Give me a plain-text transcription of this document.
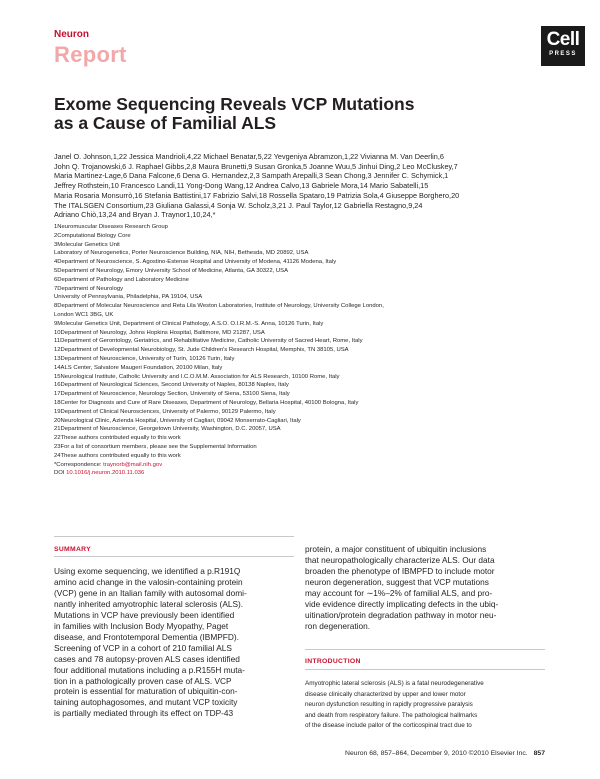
Neuron
Report
Cell
PRESS
Exome Sequencing Reveals VCP Mutations
as a Cause of Familial ALS
Janel O. Johnson,1,22 Jessica Mandrioli,4,22 Michael Benatar,5,22 Yevgeniya Abramzon,1,22 Vivianna M. Van Deerlin,6
John Q. Trojanowski,6 J. Raphael Gibbs,2,8 Maura Brunetti,9 Susan Gronka,5 Joanne Wuu,5 Jinhui Ding,2 Leo McCluskey,7
Maria Martinez-Lage,6 Dana Falcone,6 Dena G. Hernandez,2,3 Sampath Arepalli,3 Sean Chong,3 Jennifer C. Schymick,1
Jeffrey Rothstein,10 Francesco Landi,11 Yong-Dong Wang,12 Andrea Calvo,13 Gabriele Mora,14 Mario Sabatelli,15
Maria Rosaria Monsurrò,16 Stefania Battistini,17 Fabrizio Salvi,18 Rossella Spataro,19 Patrizia Sola,4 Giuseppe Borghero,20
The ITALSGEN Consortium,23 Giuliana Galassi,4 Sonja W. Scholz,3,21 J. Paul Taylor,12 Gabriella Restagno,9,24
Adriano Chiò,13,24 and Bryan J. Traynor1,10,24,*
1Neuromuscular Diseases Research Group
2Computational Biology Core
3Molecular Genetics Unit
Laboratory of Neurogenetics, Porter Neuroscience Building, NIA, NIH, Bethesda, MD 20892, USA
4Department of Neuroscience, S. Agostino-Estense Hospital and University of Modena, 41126 Modena, Italy
5Department of Neurology, Emory University School of Medicine, Atlanta, GA 30322, USA
6Department of Pathology and Laboratory Medicine
7Department of Neurology
University of Pennsylvania, Philadelphia, PA 19104, USA
8Department of Molecular Neuroscience and Reta Lila Weston Laboratories, Institute of Neurology, University College London,
London WC1 3BG, UK
9Molecular Genetics Unit, Department of Clinical Pathology, A.S.O. O.I.R.M.-S. Anna, 10126 Turin, Italy
10Department of Neurology, Johns Hopkins Hospital, Baltimore, MD 21287, USA
11Department of Gerontology, Geriatrics, and Rehabilitative Medicine, Catholic University of Sacred Heart, Rome, Italy
12Department of Developmental Neurobiology, St. Jude Children's Research Hospital, Memphis, TN 38105, USA
13Department of Neuroscience, University of Turin, 10126 Turin, Italy
14ALS Center, Salvatore Maugeri Foundation, 20100 Milan, Italy
15Neurological Institute, Catholic University and I.C.O.M.M. Association for ALS Research, 10100 Rome, Italy
16Department of Neurological Sciences, Second University of Naples, 80138 Naples, Italy
17Department of Neuroscience, Neurology Section, University of Siena, 53100 Siena, Italy
18Center for Diagnosis and Cure of Rare Diseases, Department of Neurology, Bellaria Hospital, 40100 Bologna, Italy
19Department of Clinical Neurosciences, University of Palermo, 90129 Palermo, Italy
20Neurological Clinic, Azienda Hospital, University of Cagliari, 09042 Monserrato-Cagliari, Italy
21Department of Neuroscience, Georgetown University, Washington, D.C. 20057, USA
22These authors contributed equally to this work
23For a list of consortium members, please see the Supplemental Information
24These authors contributed equally to this work
*Correspondence: traynorb@mail.nih.gov
DOI 10.1016/j.neuron.2010.11.036
SUMMARY
Using exome sequencing, we identified a p.R191Q
amino acid change in the valosin-containing protein
(VCP) gene in an Italian family with autosomal domi-
nantly inherited amyotrophic lateral sclerosis (ALS).
Mutations in VCP have previously been identified
in families with Inclusion Body Myopathy, Paget
disease, and Frontotemporal Dementia (IBMPFD).
Screening of VCP in a cohort of 210 familial ALS
cases and 78 autopsy-proven ALS cases identified
four additional mutations including a p.R155H muta-
tion in a pathologically proven case of ALS. VCP
protein is essential for maturation of ubiquitin-con-
taining autophagosomes, and mutant VCP toxicity
is partially mediated through its effect on TDP-43
protein, a major constituent of ubiquitin inclusions
that neuropathologically characterize ALS. Our data
broaden the phenotype of IBMPFD to include motor
neuron degeneration, suggest that VCP mutations
may account for ∼1%–2% of familial ALS, and pro-
vide evidence directly implicating defects in the ubiq-
uitination/protein degradation pathway in motor neu-
ron degeneration.
INTRODUCTION
Amyotrophic lateral sclerosis (ALS) is a fatal neurodegenerative
disease clinically characterized by upper and lower motor
neuron dysfunction resulting in rapidly progressive paralysis
and death from respiratory failure. The pathological hallmarks
of the disease include pallor of the corticospinal tract due to
Neuron 68, 857–864, December 9, 2010 ©2010 Elsevier Inc. 857
